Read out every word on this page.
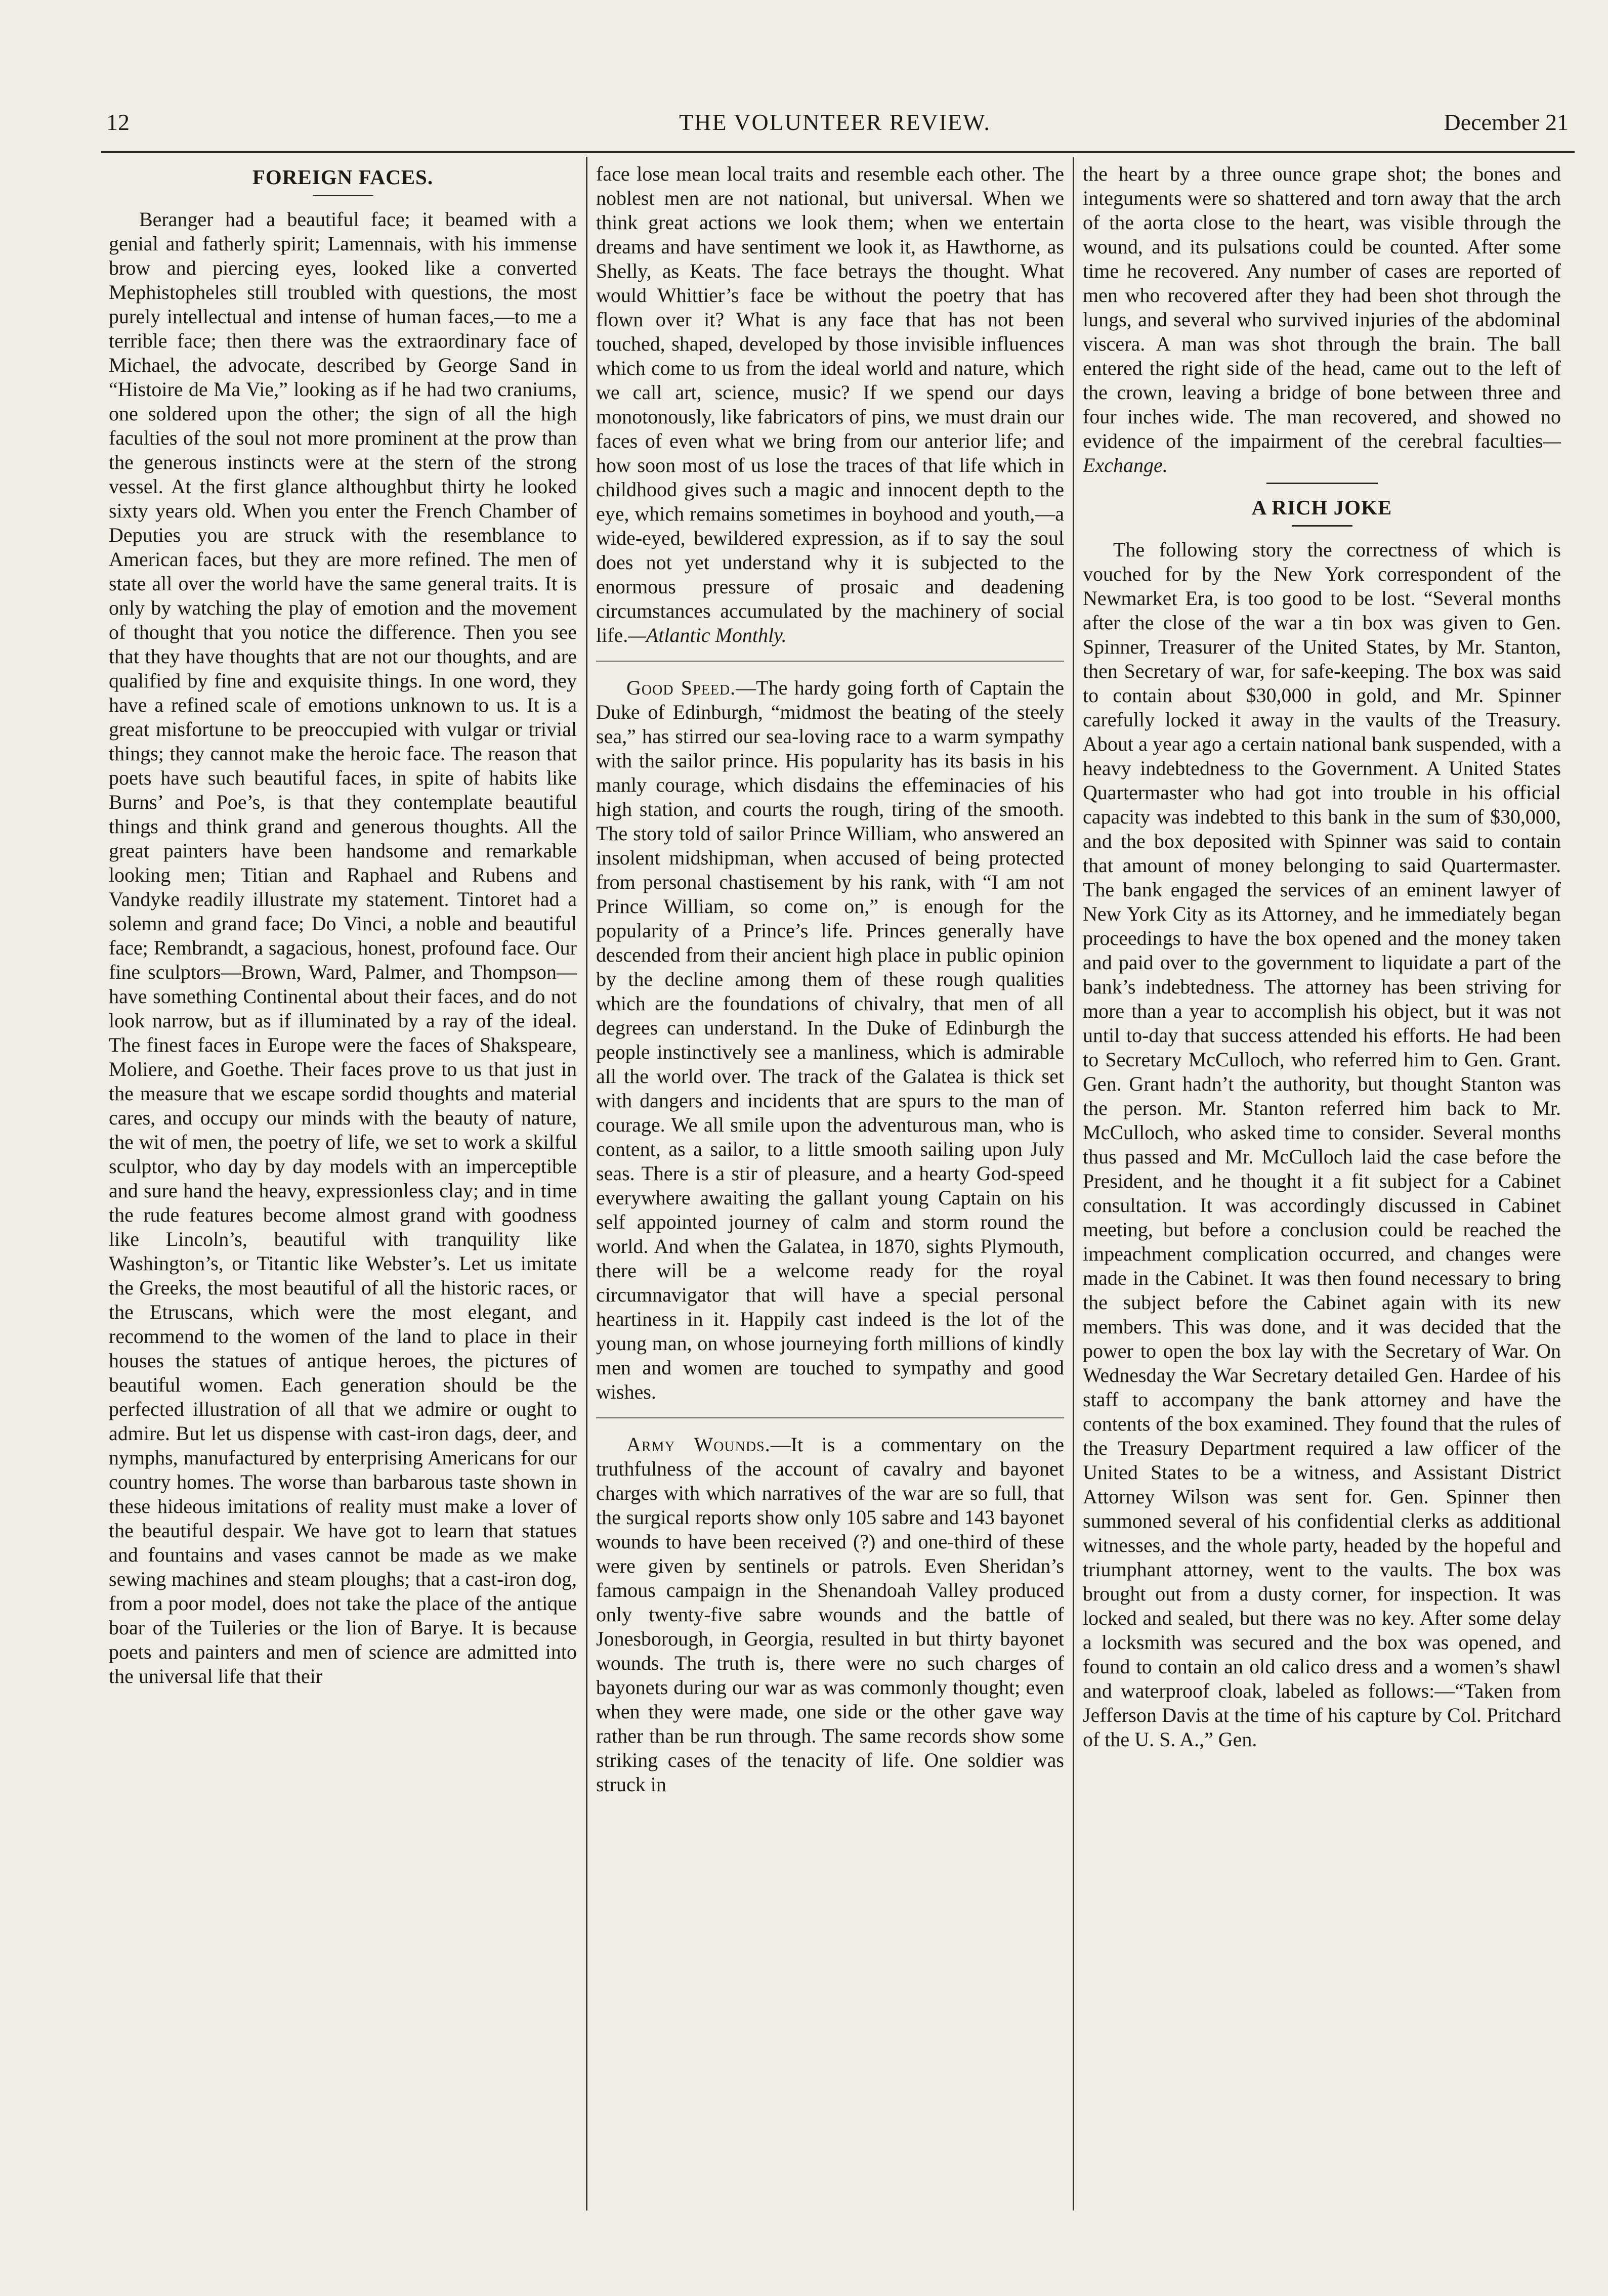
12	THE VOLUNTEER REVIEW.	December 21
FOREIGN FACES.

Beranger had a beautiful face; it beamed with a genial and fatherly spirit; Lamennais, with his immense brow and piercing eyes, looked like a converted Mephistopheles still troubled with questions, the most purely intellectual and intense of human faces,—to me a terrible face; then there was the extraordinary face of Michael, the advocate, described by George Sand in “Histoire de Ma Vie,” looking as if he had two craniums, one soldered upon the other; the sign of all the high faculties of the soul not more prominent at the prow than the generous instincts were at the stern of the strong vessel. At the first glance althoughbut thirty he looked sixty years old. When you enter the French Chamber of Deputies you are struck with the resemblance to American faces, but they are more refined. The men of state all over the world have the same general traits. It is only by watching the play of emotion and the movement of thought that you notice the difference. Then you see that they have thoughts that are not our thoughts, and are qualified by fine and exquisite things. In one word, they have a refined scale of emotions unknown to us. It is a great misfortune to be preoccupied with vulgar or trivial things; they cannot make the heroic face. The reason that poets have such beautiful faces, in spite of habits like Burns’ and Poe’s, is that they contemplate beautiful things and think grand and generous thoughts. All the great painters have been handsome and remarkable looking men; Titian and Raphael and Rubens and Vandyke readily illustrate my statement. Tintoret had a solemn and grand face; Do Vinci, a noble and beautiful face; Rembrandt, a sagacious, honest, profound face. Our fine sculptors—Brown, Ward, Palmer, and Thompson—have something Continental about their faces, and do not look narrow, but as if illuminated by a ray of the ideal. The finest faces in Europe were the faces of Shakspeare, Moliere, and Goethe. Their faces prove to us that just in the measure that we escape sordid thoughts and material cares, and occupy our minds with the beauty of nature, the wit of men, the poetry of life, we set to work a skilful sculptor, who day by day models with an imperceptible and sure hand the heavy, expressionless clay; and in time the rude features become almost grand with goodness like Lincoln’s, beautiful with tranquility like Washington’s, or Titantic like Webster’s. Let us imitate the Greeks, the most beautiful of all the historic races, or the Etruscans, which were the most elegant, and recommend to the women of the land to place in their houses the statues of antique heroes, the pictures of beautiful women. Each generation should be the perfected illustration of all that we admire or ought to admire. But let us dispense with cast-iron dags, deer, and nymphs, manufactured by enterprising Americans for our country homes. The worse than barbarous taste shown in these hideous imitations of reality must make a lover of the beautiful despair. We have got to learn that statues and fountains and vases cannot be made as we make sewing machines and steam ploughs; that a cast-iron dog, from a poor model, does not take the place of the antique boar of the Tuileries or the lion of Barye. It is because poets and painters and men of science are admitted into the universal life that their

face lose mean local traits and resemble each other. The noblest men are not national, but universal. When we think great actions we look them; when we entertain dreams and have sentiment we look it, as Hawthorne, as Shelly, as Keats. The face betrays the thought. What would Whittier’s face be without the poetry that has flown over it? What is any face that has not been touched, shaped, developed by those invisible influences which come to us from the ideal world and nature, which we call art, science, music? If we spend our days monotonously, like fabricators of pins, we must drain our faces of even what we bring from our anterior life; and how soon most of us lose the traces of that life which in childhood gives such a magic and innocent depth to the eye, which remains sometimes in boyhood and youth,—a wide-eyed, bewildered expression, as if to say the soul does not yet understand why it is subjected to the enormous pressure of prosaic and deadening circumstances accumulated by the machinery of social life.—Atlantic Monthly.

Good Speed.—The hardy going forth of Captain the Duke of Edinburgh, “midmost the beating of the steely sea,” has stirred our sea-loving race to a warm sympathy with the sailor prince. His popularity has its basis in his manly courage, which disdains the effeminacies of his high station, and courts the rough, tiring of the smooth. The story told of sailor Prince William, who answered an insolent midshipman, when accused of being protected from personal chastisement by his rank, with “I am not Prince William, so come on,” is enough for the popularity of a Prince’s life. Princes generally have descended from their ancient high place in public opinion by the decline among them of these rough qualities which are the foundations of chivalry, that men of all degrees can understand. In the Duke of Edinburgh the people instinctively see a manliness, which is admirable all the world over. The track of the Galatea is thick set with dangers and incidents that are spurs to the man of courage. We all smile upon the adventurous man, who is content, as a sailor, to a little smooth sailing upon July seas. There is a stir of pleasure, and a hearty God-speed everywhere awaiting the gallant young Captain on his self appointed journey of calm and storm round the world. And when the Galatea, in 1870, sights Plymouth, there will be a welcome ready for the royal circumnavigator that will have a special personal heartiness in it. Happily cast indeed is the lot of the young man, on whose journeying forth millions of kindly men and women are touched to sympathy and good wishes.

Army Wounds.—It is a commentary on the truthfulness of the account of cavalry and bayonet charges with which narratives of the war are so full, that the surgical reports show only 105 sabre and 143 bayonet wounds to have been received (?) and one-third of these were given by sentinels or patrols. Even Sheridan’s famous campaign in the Shenandoah Valley produced only twenty-five sabre wounds and the battle of Jonesborough, in Georgia, resulted in but thirty bayonet wounds. The truth is, there were no such charges of bayonets during our war as was commonly thought; even when they were made, one side or the other gave way rather than be run through. The same records show some striking cases of the tenacity of life. One soldier was struck in

the heart by a three ounce grape shot; the bones and integuments were so shattered and torn away that the arch of the aorta close to the heart, was visible through the wound, and its pulsations could be counted. After some time he recovered. Any number of cases are reported of men who recovered after they had been shot through the lungs, and several who survived injuries of the abdominal viscera. A man was shot through the brain. The ball entered the right side of the head, came out to the left of the crown, leaving a bridge of bone between three and four inches wide. The man recovered, and showed no evidence of the impairment of the cerebral faculties—Exchange.

A RICH JOKE

The following story the correctness of which is vouched for by the New York correspondent of the Newmarket Era, is too good to be lost. “Several months after the close of the war a tin box was given to Gen. Spinner, Treasurer of the United States, by Mr. Stanton, then Secretary of war, for safe-keeping. The box was said to contain about $30,000 in gold, and Mr. Spinner carefully locked it away in the vaults of the Treasury. About a year ago a certain national bank suspended, with a heavy indebtedness to the Government. A United States Quartermaster who had got into trouble in his official capacity was indebted to this bank in the sum of $30,000, and the box deposited with Spinner was said to contain that amount of money belonging to said Quartermaster. The bank engaged the services of an eminent lawyer of New York City as its Attorney, and he immediately began proceedings to have the box opened and the money taken and paid over to the government to liquidate a part of the bank’s indebtedness. The attorney has been striving for more than a year to accomplish his object, but it was not until to-day that success attended his efforts. He had been to Secretary McCulloch, who referred him to Gen. Grant. Gen. Grant hadn’t the authority, but thought Stanton was the person. Mr. Stanton referred him back to Mr. McCulloch, who asked time to consider. Several months thus passed and Mr. McCulloch laid the case before the President, and he thought it a fit subject for a Cabinet consultation. It was accordingly discussed in Cabinet meeting, but before a conclusion could be reached the impeachment complication occurred, and changes were made in the Cabinet. It was then found necessary to bring the subject before the Cabinet again with its new members. This was done, and it was decided that the power to open the box lay with the Secretary of War. On Wednesday the War Secretary detailed Gen. Hardee of his staff to accompany the bank attorney and have the contents of the box examined. They found that the rules of the Treasury Department required a law officer of the United States to be a witness, and Assistant District Attorney Wilson was sent for. Gen. Spinner then summoned several of his confidential clerks as additional witnesses, and the whole party, headed by the hopeful and triumphant attorney, went to the vaults. The box was brought out from a dusty corner, for inspection. It was locked and sealed, but there was no key. After some delay a locksmith was secured and the box was opened, and found to contain an old calico dress and a women’s shawl and waterproof cloak, labeled as follows:—“Taken from Jefferson Davis at the time of his capture by Col. Pritchard of the U. S. A.,” Gen.
